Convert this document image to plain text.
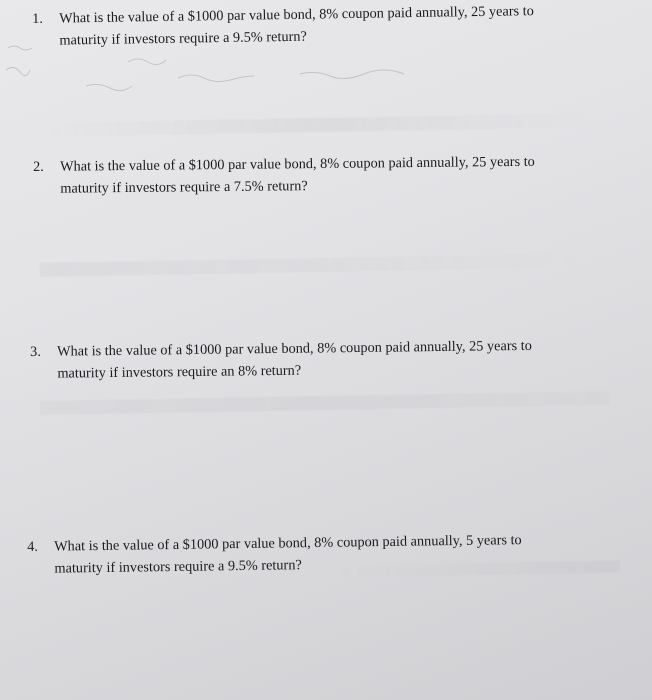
1. What is the value of a $1000 par value bond, 8% coupon paid annually, 25 years to
maturity if investors require a 9.5% return?
2. What is the value of a $1000 par value bond, 8% coupon paid annually, 25 years to
maturity if investors require a 7.5% return?
3. What is the value of a $1000 par value bond, 8% coupon paid annually, 25 years to
maturity if investors require an 8% return?
4. What is the value of a $1000 par value bond, 8% coupon paid annually, 5 years to
maturity if investors require a 9.5% return?
